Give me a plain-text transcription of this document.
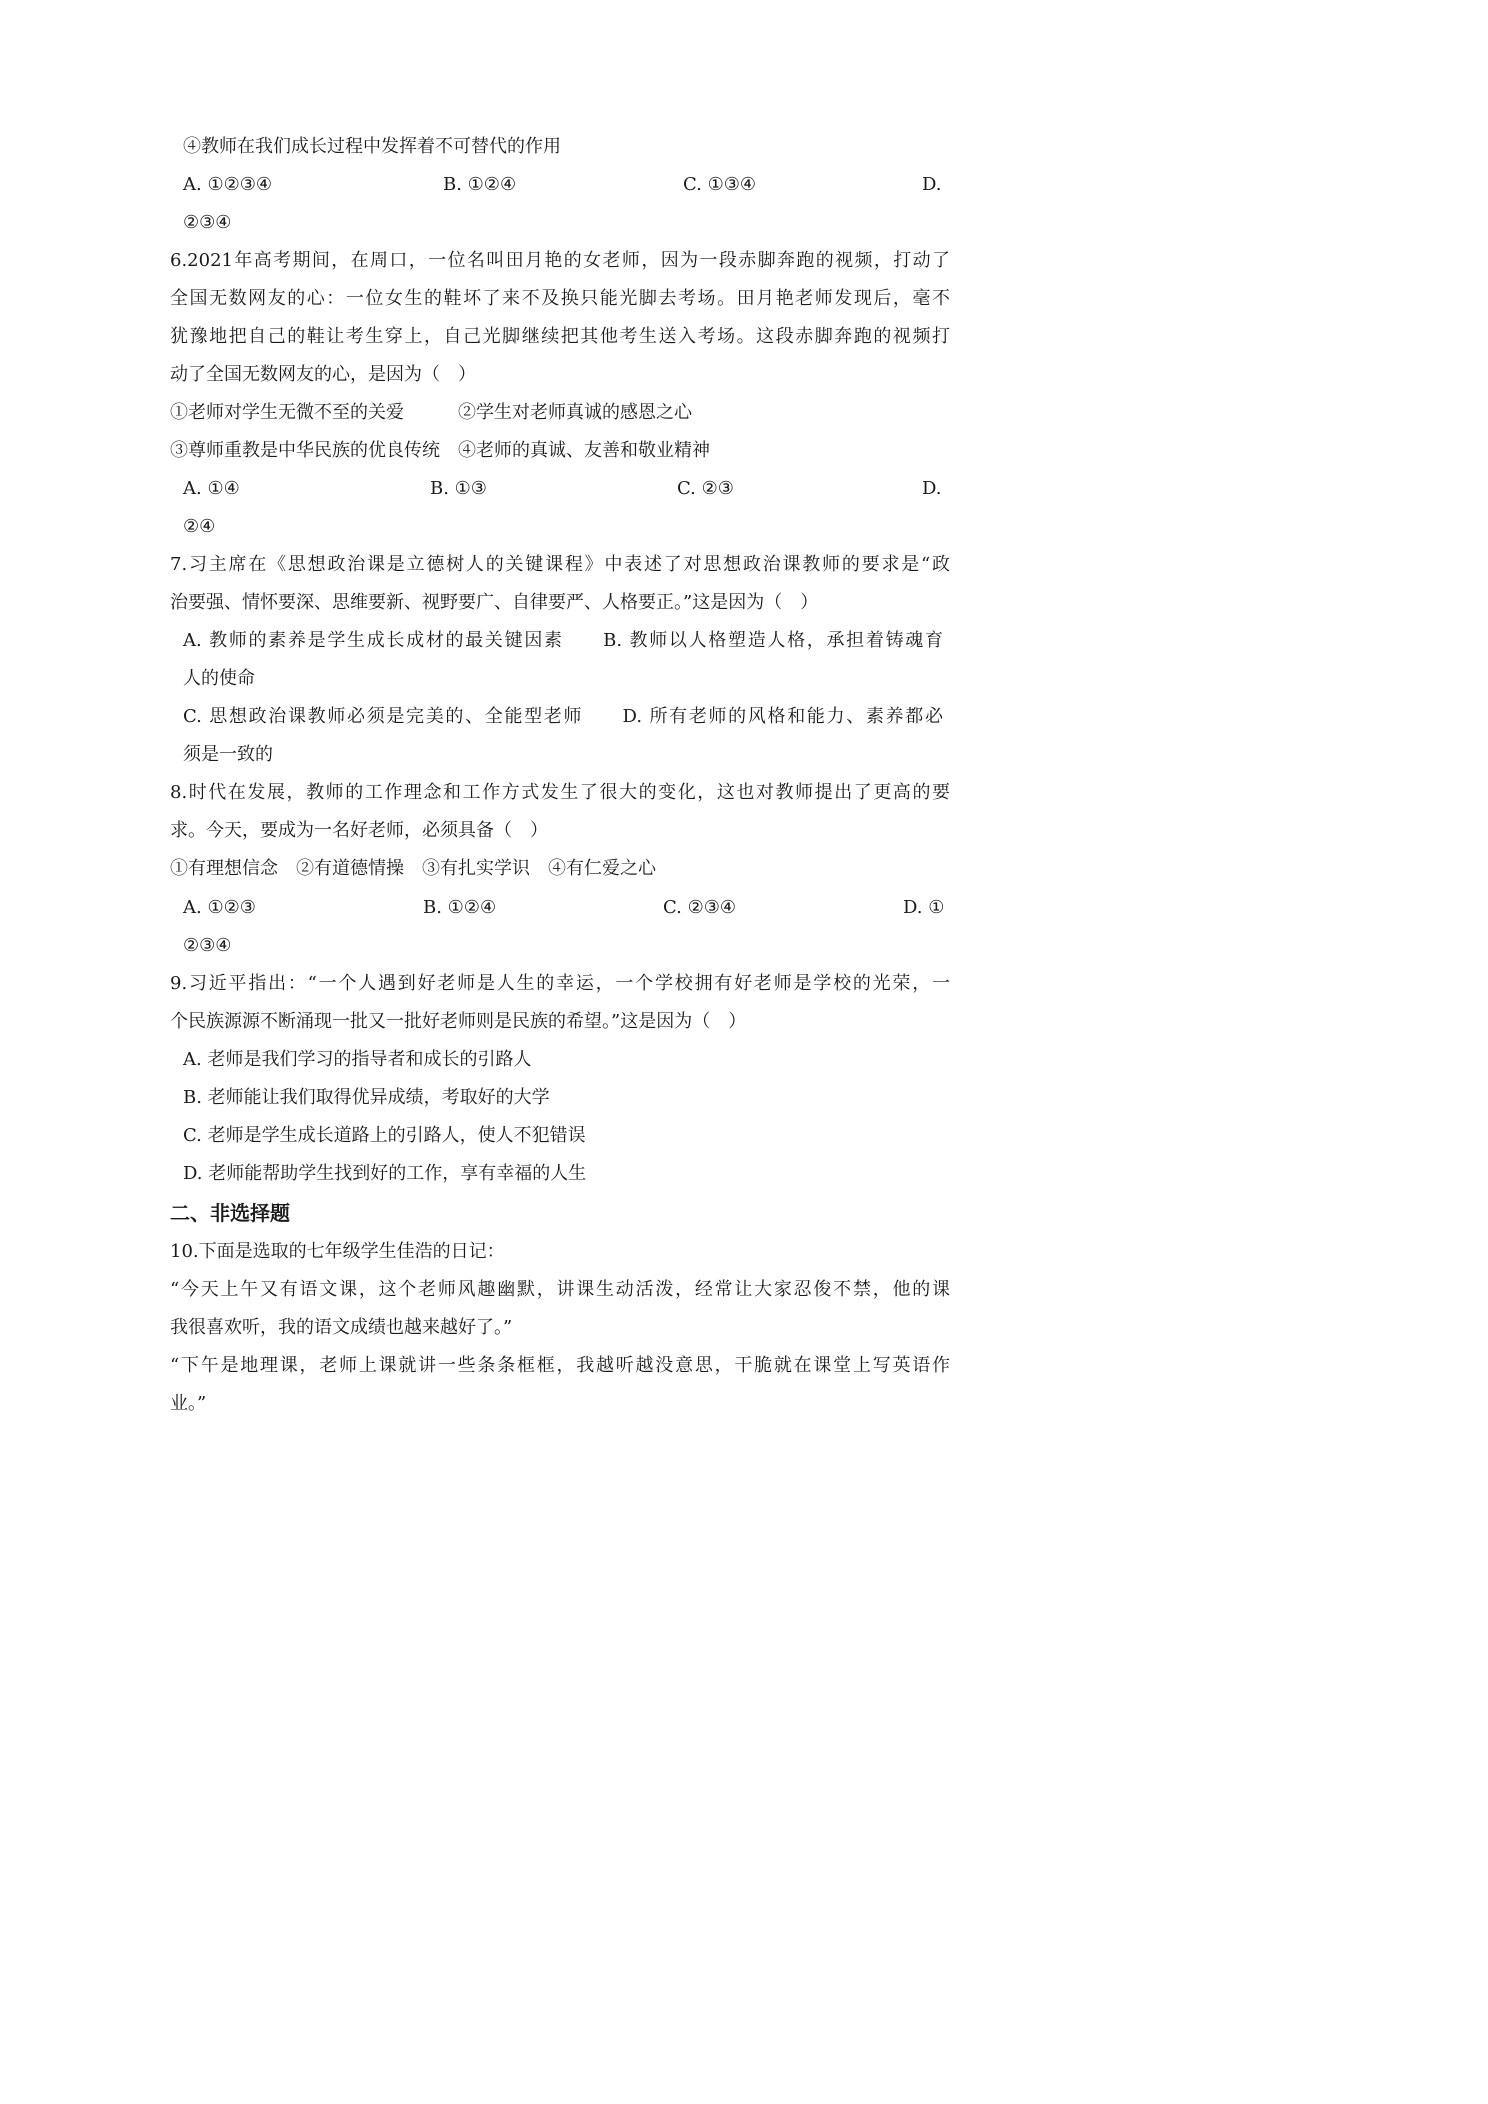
④教师在我们成长过程中发挥着不可替代的作用
A. ①②③④	B. ①②④	C. ①③④	D.
②③④
6.2021年高考期间，在周口，一位名叫田月艳的女老师，因为一段赤脚奔跑的视频，打动了
全国无数网友的心：一位女生的鞋坏了来不及换只能光脚去考场。田月艳老师发现后，毫不
犹豫地把自己的鞋让考生穿上，自己光脚继续把其他考生送入考场。这段赤脚奔跑的视频打
动了全国无数网友的心，是因为（　）
①老师对学生无微不至的关爱　　　②学生对老师真诚的感恩之心
③尊师重教是中华民族的优良传统　④老师的真诚、友善和敬业精神
A. ①④	B. ①③	C. ②③	D.
②④
7.习主席在《思想政治课是立德树人的关键课程》中表述了对思想政治课教师的要求是“政
治要强、情怀要深、思维要新、视野要广、自律要严、人格要正。”这是因为（　）
A. 教师的素养是学生成长成材的最关键因素　　B. 教师以人格塑造人格，承担着铸魂育
人的使命
C. 思想政治课教师必须是完美的、全能型老师　　D. 所有老师的风格和能力、素养都必
须是一致的
8.时代在发展，教师的工作理念和工作方式发生了很大的变化，这也对教师提出了更高的要
求。今天，要成为一名好老师，必须具备（　）
①有理想信念　②有道德情操　③有扎实学识　④有仁爱之心
A. ①②③	B. ①②④	C. ②③④	D. ①
②③④
9.习近平指出：“一个人遇到好老师是人生的幸运，一个学校拥有好老师是学校的光荣，一
个民族源源不断涌现一批又一批好老师则是民族的希望。”这是因为（　）
A. 老师是我们学习的指导者和成长的引路人
B. 老师能让我们取得优异成绩，考取好的大学
C. 老师是学生成长道路上的引路人，使人不犯错误
D. 老师能帮助学生找到好的工作，享有幸福的人生
二、非选择题
10.下面是选取的七年级学生佳浩的日记：
“今天上午又有语文课，这个老师风趣幽默，讲课生动活泼，经常让大家忍俊不禁，他的课
我很喜欢听，我的语文成绩也越来越好了。”
“下午是地理课，老师上课就讲一些条条框框，我越听越没意思，干脆就在课堂上写英语作
业。”
